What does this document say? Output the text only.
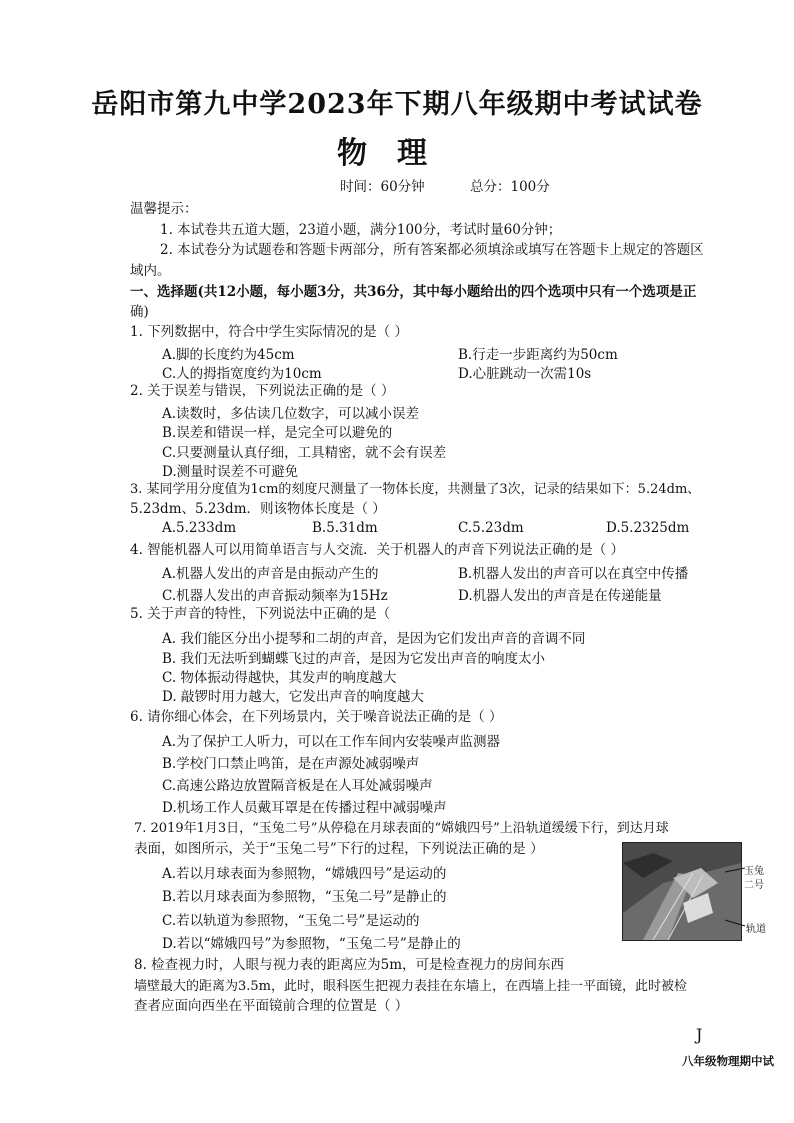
岳阳市第九中学2023年下期八年级期中考试试卷
物理
时间：60分钟	总分：100分
温馨提示：
1. 本试卷共五道大题，23道小题，满分100分，考试时量60分钟；
2. 本试卷分为试题卷和答题卡两部分，所有答案都必须填涂或填写在答题卡上规定的答题区
域内。
一、选择题(共12小题，每小题3分，共36分，其中每小题给出的四个选项中只有一个选项是正
确)
1. 下列数据中，符合中学生实际情况的是（ ）
A.脚的长度约为45cm	B.行走一步距离约为50cm
C.人的拇指宽度约为10cm	D.心脏跳动一次需10s
2. 关于误差与错误，下列说法正确的是（ ）
A.读数时，多估读几位数字，可以减小误差
B.误差和错误一样，是完全可以避免的
C.只要测量认真仔细，工具精密，就不会有误差
D.测量时误差不可避免
3. 某同学用分度值为1cm的刻度尺测量了一物体长度，共测量了3次，记录的结果如下：5.24dm、
5.23dm、5.23dm．则该物体长度是（ ）
A.5.233dm	B.5.31dm	C.5.23dm	D.5.2325dm
4. 智能机器人可以用简单语言与人交流．关于机器人的声音下列说法正确的是（ ）
A.机器人发出的声音是由振动产生的	B.机器人发出的声音可以在真空中传播
C.机器人发出的声音振动频率为15Hz	D.机器人发出的声音是在传递能量
5. 关于声音的特性，下列说法中正确的是（
A. 我们能区分出小提琴和二胡的声音，是因为它们发出声音的音调不同
B. 我们无法听到蝴蝶飞过的声音，是因为它发出声音的响度太小
C. 物体振动得越快，其发声的响度越大
D. 敲锣时用力越大，它发出声音的响度越大
6. 请你细心体会，在下列场景内，关于噪音说法正确的是（ ）
A.为了保护工人听力，可以在工作车间内安装噪声监测器
B.学校门口禁止鸣笛，是在声源处减弱噪声
C.高速公路边放置隔音板是在人耳处减弱噪声
D.机场工作人员戴耳罩是在传播过程中减弱噪声
7. 2019年1月3日，“玉兔二号”从停稳在月球表面的“嫦娥四号”上沿轨道缓缓下行，到达月球
表面，如图所示，关于“玉兔二号”下行的过程，下列说法正确的是 ）
A.若以月球表面为参照物，“嫦娥四号”是运动的
B.若以月球表面为参照物，“玉兔二号”是静止的
C.若以轨道为参照物，“玉兔二号”是运动的
D.若以“嫦娥四号”为参照物，“玉兔二号”是静止的
玉兔
二号
轨道
8. 检查视力时，人眼与视力表的距离应为5m，可是检查视力的房间东西
墙壁最大的距离为3.5m，此时，眼科医生把视力表挂在东墙上，在西墙上挂一平面镜，此时被检
查者应面向西坐在平面镜前合理的位置是（ ）
J
八年级物理期中试
